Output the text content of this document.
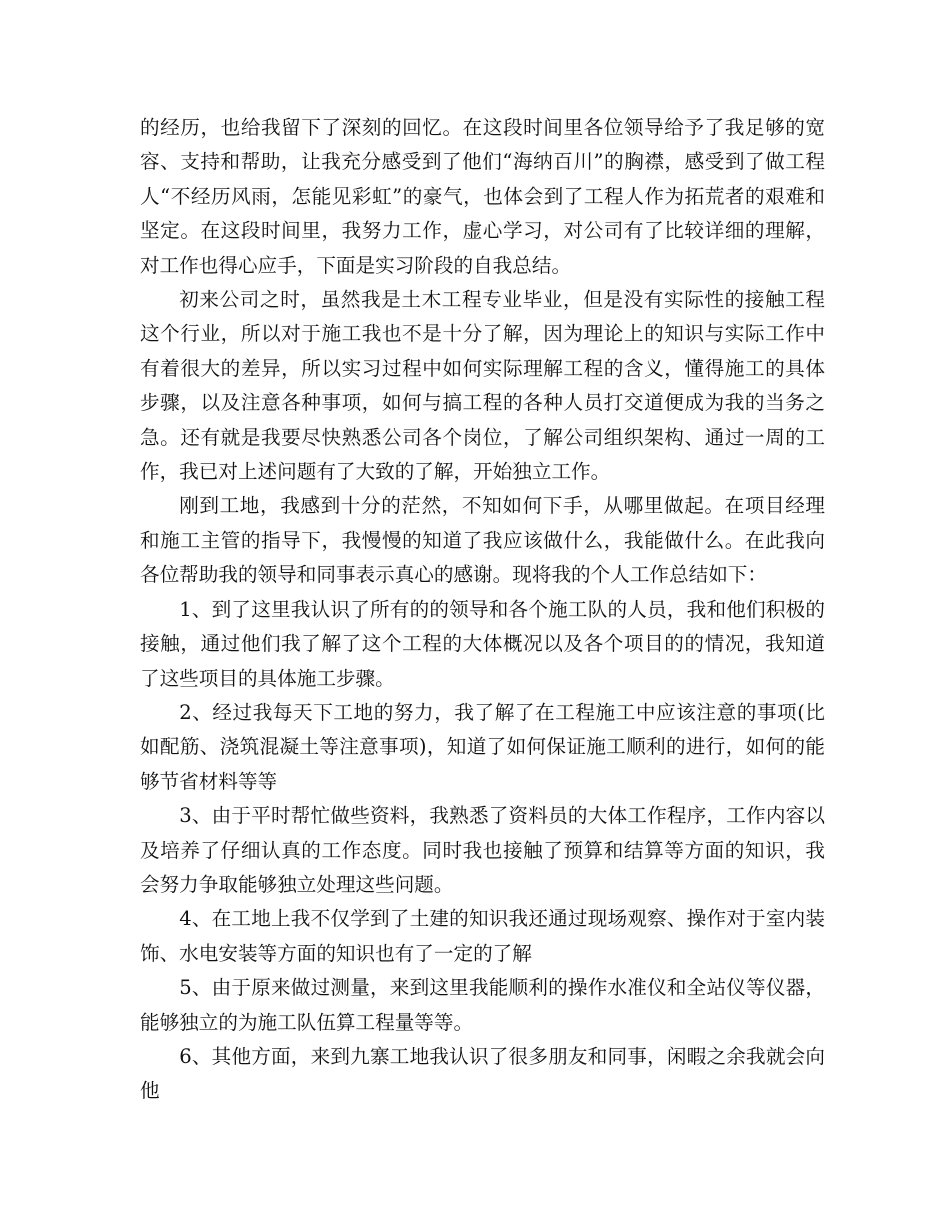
的经历，也给我留下了深刻的回忆。在这段时间里各位领导给予了我足够的宽容、支持和帮助，让我充分感受到了他们“海纳百川”的胸襟，感受到了做工程人“不经历风雨，怎能见彩虹”的豪气，也体会到了工程人作为拓荒者的艰难和坚定。在这段时间里，我努力工作，虚心学习，对公司有了比较详细的理解，对工作也得心应手，下面是实习阶段的自我总结。

初来公司之时，虽然我是土木工程专业毕业，但是没有实际性的接触工程这个行业，所以对于施工我也不是十分了解，因为理论上的知识与实际工作中有着很大的差异，所以实习过程中如何实际理解工程的含义，懂得施工的具体步骤，以及注意各种事项，如何与搞工程的各种人员打交道便成为我的当务之急。还有就是我要尽快熟悉公司各个岗位，了解公司组织架构、通过一周的工作，我已对上述问题有了大致的了解，开始独立工作。

刚到工地，我感到十分的茫然，不知如何下手，从哪里做起。在项目经理和施工主管的指导下，我慢慢的知道了我应该做什么，我能做什么。在此我向各位帮助我的领导和同事表示真心的感谢。现将我的个人工作总结如下：

1、到了这里我认识了所有的的领导和各个施工队的人员，我和他们积极的接触，通过他们我了解了这个工程的大体概况以及各个项目的的情况，我知道了这些项目的具体施工步骤。

2、经过我每天下工地的努力，我了解了在工程施工中应该注意的事项(比如配筋、浇筑混凝土等注意事项)，知道了如何保证施工顺利的进行，如何的能够节省材料等等

3、由于平时帮忙做些资料，我熟悉了资料员的大体工作程序，工作内容以及培养了仔细认真的工作态度。同时我也接触了预算和结算等方面的知识，我会努力争取能够独立处理这些问题。

4、在工地上我不仅学到了土建的知识我还通过现场观察、操作对于室内装饰、水电安装等方面的知识也有了一定的了解

5、由于原来做过测量，来到这里我能顺利的操作水准仪和全站仪等仪器，能够独立的为施工队伍算工程量等等。

6、其他方面，来到九寨工地我认识了很多朋友和同事，闲暇之余我就会向他
